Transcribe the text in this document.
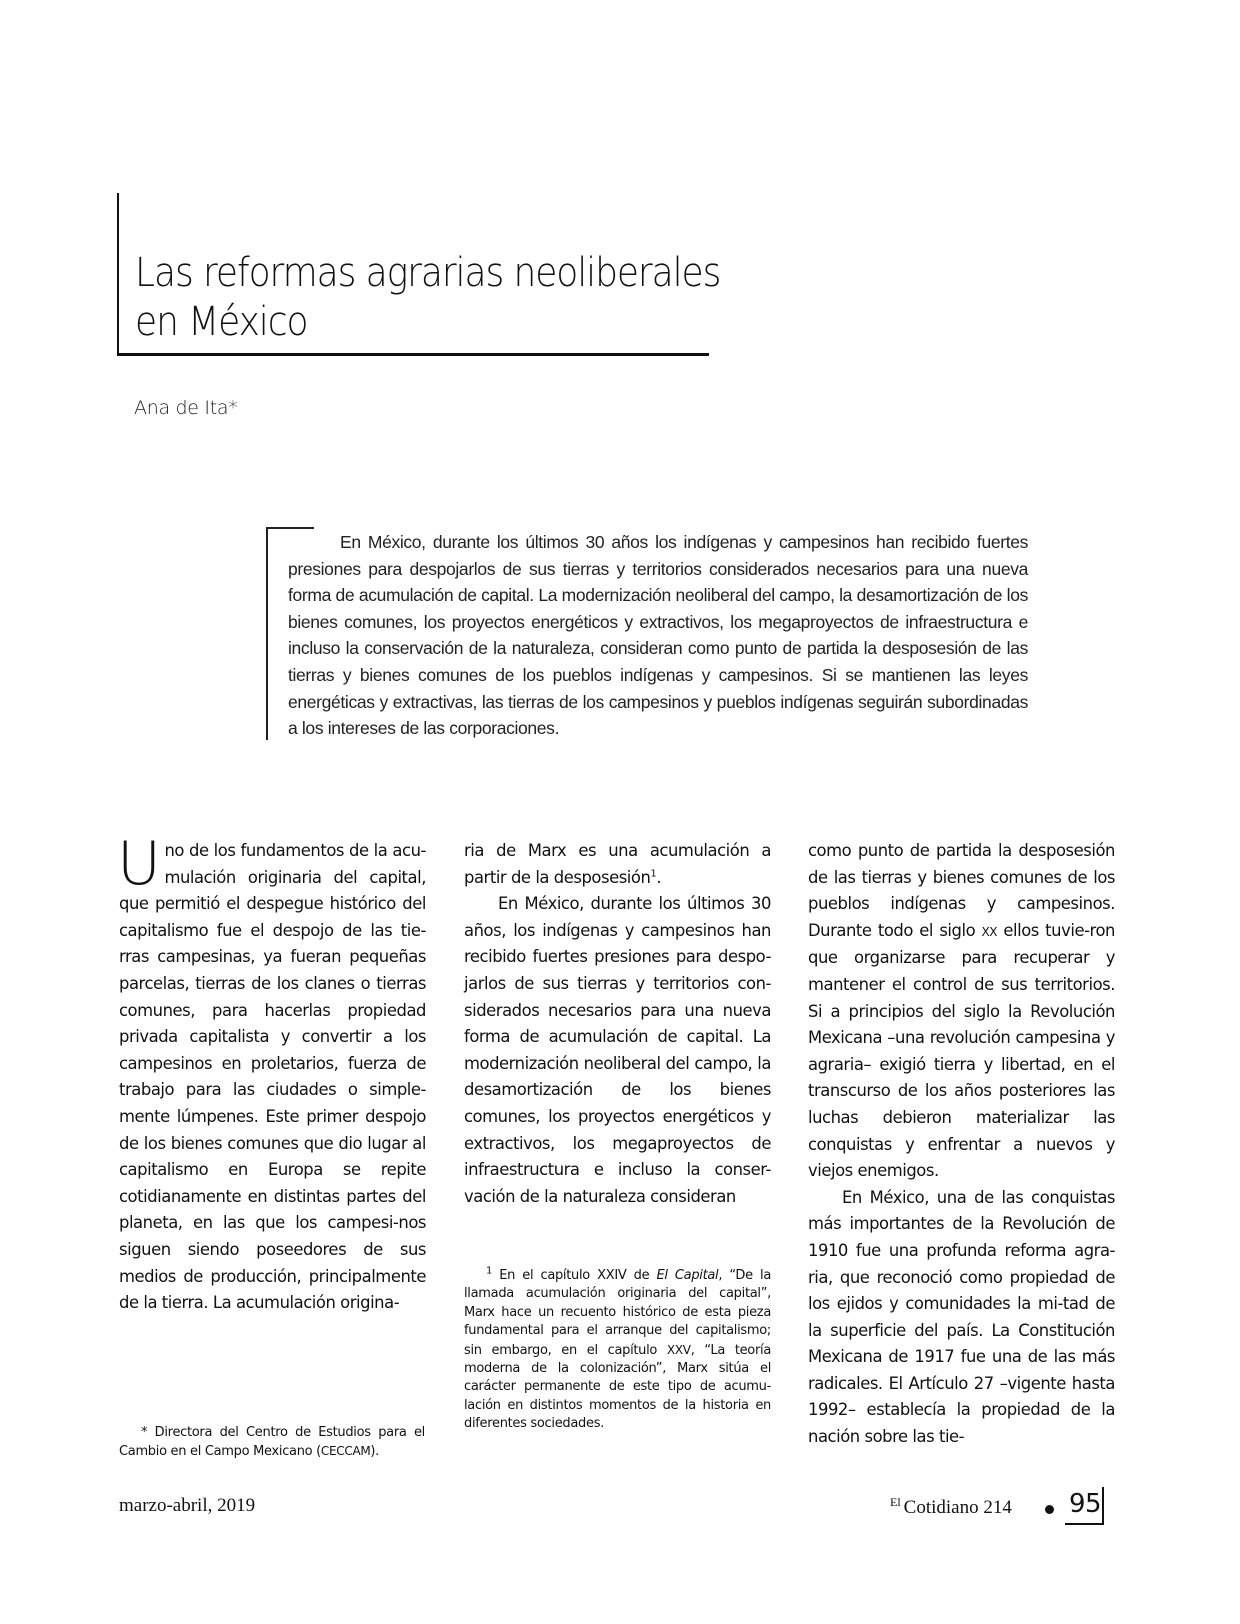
Las reformas agrarias neoliberales
en México

Ana de Ita*

En México, durante los últimos 30 años los indígenas y campesinos han recibido fuertes presiones para despojarlos de sus tierras y territorios considerados necesarios para una nueva forma de acumulación de capital. La modernización neoliberal del campo, la desamortización de los bienes comunes, los proyectos energéticos y extractivos, los megaproyectos de infraestructura e incluso la conservación de la naturaleza, consideran como punto de partida la desposesión de las tierras y bienes comunes de los pueblos indígenas y campesinos. Si se mantienen las leyes energéticas y extractivas, las tierras de los campesinos y pueblos indígenas seguirán subordinadas a los intereses de las corporaciones.

Uno de los fundamentos de la acu-mulación originaria del capital, que permitió el despegue histórico del capitalismo fue el despojo de las tie-rras campesinas, ya fueran pequeñas parcelas, tierras de los clanes o tierras comunes, para hacerlas propiedad privada capitalista y convertir a los campesinos en proletarios, fuerza de trabajo para las ciudades o simple-mente lúmpenes. Este primer despojo de los bienes comunes que dio lugar al capitalismo en Europa se repite cotidianamente en distintas partes del planeta, en las que los campesi-nos siguen siendo poseedores de sus medios de producción, principalmente de la tierra. La acumulación origina-

ria de Marx es una acumulación a partir de la desposesión$^1$.

En México, durante los últimos 30 años, los indígenas y campesinos han recibido fuertes presiones para despo-jarlos de sus tierras y territorios con-siderados necesarios para una nueva forma de acumulación de capital. La modernización neoliberal del campo, la desamortización de los bienes comunes, los proyectos energéticos y extractivos, los megaproyectos de infraestructura e incluso la conser-vación de la naturaleza consideran

como punto de partida la desposesión de las tierras y bienes comunes de los pueblos indígenas y campesinos. Durante todo el siglo XX ellos tuvie-ron que organizarse para recuperar y mantener el control de sus territorios. Si a principios del siglo la Revolución Mexicana –una revolución campesina y agraria– exigió tierra y libertad, en el transcurso de los años posteriores las luchas debieron materializar las conquistas y enfrentar a nuevos y viejos enemigos.

En México, una de las conquistas más importantes de la Revolución de 1910 fue una profunda reforma agra-ria, que reconoció como propiedad de los ejidos y comunidades la mi-tad de la superficie del país. La Constitución Mexicana de 1917 fue una de las más radicales. El Artículo 27 –vigente hasta 1992– establecía la propiedad de la nación sobre las tie-

$^1$ En el capítulo XXIV de El Capital, “De la llamada acumulación originaria del capital”, Marx hace un recuento histórico de esta pieza fundamental para el arranque del capitalismo; sin embargo, en el capítulo XXV, “La teoría moderna de la colonización”, Marx sitúa el carácter permanente de este tipo de acumu-lación en distintos momentos de la historia en diferentes sociedades.

* Directora del Centro de Estudios para el Cambio en el Campo Mexicano (CECCAM).

marzo-abril, 2019	$^{El}$ Cotidiano 214 95
